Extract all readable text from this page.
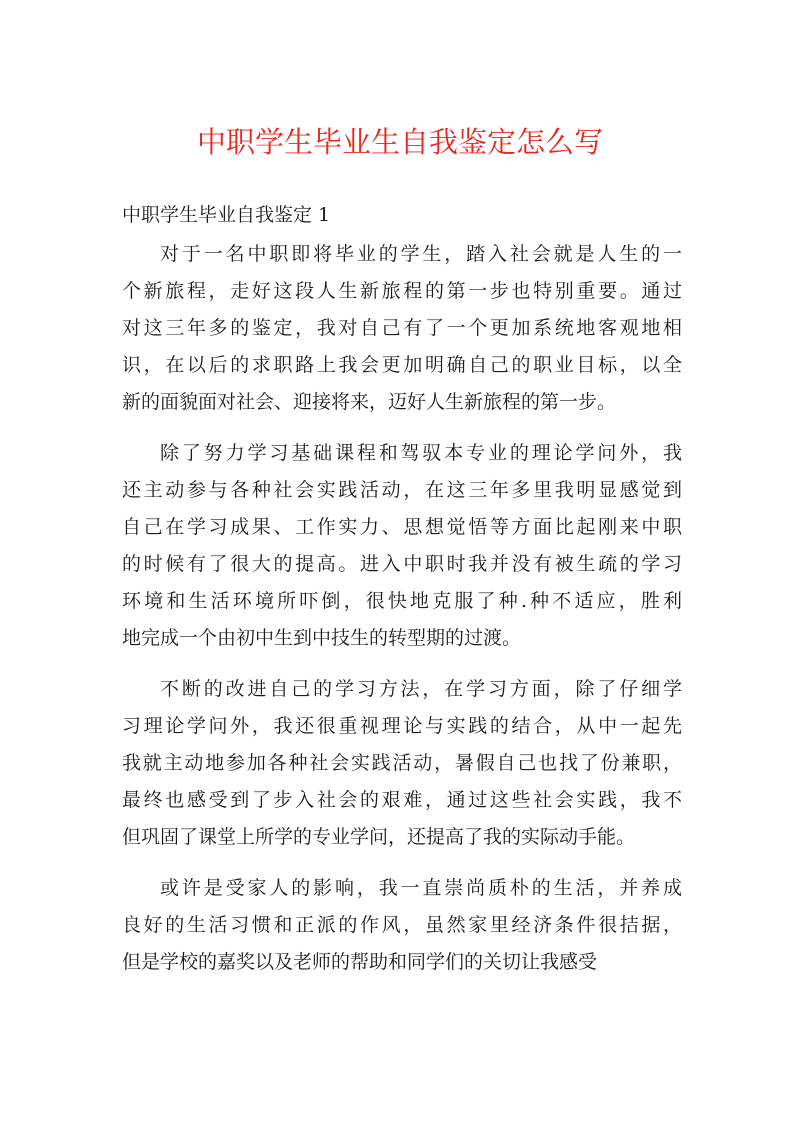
中职学生毕业生自我鉴定怎么写
中职学生毕业自我鉴定 1
对于一名中职即将毕业的学生，踏入社会就是人生的一
个新旅程，走好这段人生新旅程的第一步也特别重要。通过
对这三年多的鉴定，我对自己有了一个更加系统地客观地相
识，在以后的求职路上我会更加明确自己的职业目标，以全
新的面貌面对社会、迎接将来，迈好人生新旅程的第一步。
除了努力学习基础课程和驾驭本专业的理论学问外，我
还主动参与各种社会实践活动，在这三年多里我明显感觉到
自己在学习成果、工作实力、思想觉悟等方面比起刚来中职
的时候有了很大的提高。进入中职时我并没有被生疏的学习
环境和生活环境所吓倒，很快地克服了种.种不适应，胜利
地完成一个由初中生到中技生的转型期的过渡。
不断的改进自己的学习方法，在学习方面，除了仔细学
习理论学问外，我还很重视理论与实践的结合，从中一起先
我就主动地参加各种社会实践活动，暑假自己也找了份兼职，
最终也感受到了步入社会的艰难，通过这些社会实践，我不
但巩固了课堂上所学的专业学问，还提高了我的实际动手能。
或许是受家人的影响，我一直崇尚质朴的生活，并养成
良好的生活习惯和正派的作风，虽然家里经济条件很拮据，
但是学校的嘉奖以及老师的帮助和同学们的关切让我感受
